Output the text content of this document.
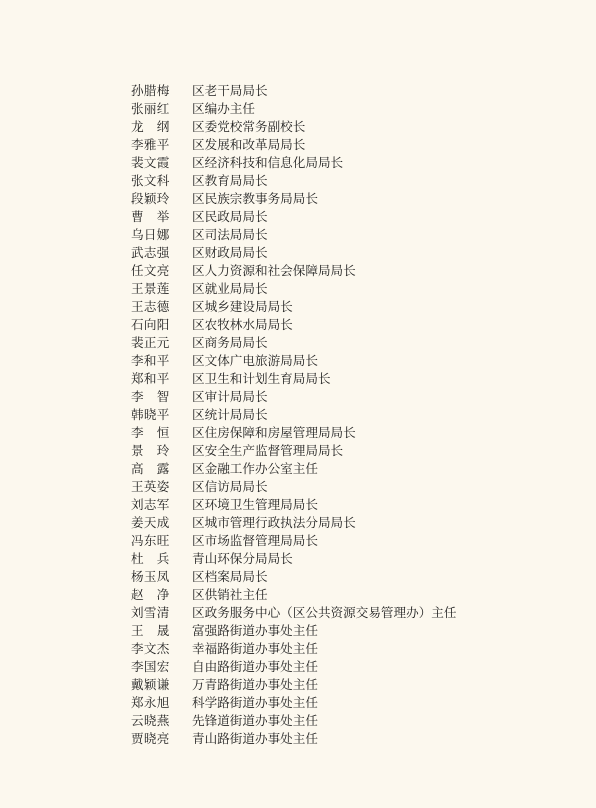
孙腊梅 区老干局局长
张丽红 区编办主任
龙　纲 区委党校常务副校长
李雅平 区发展和改革局局长
裴文霞 区经济科技和信息化局局长
张文科 区教育局局长
段颖玲 区民族宗教事务局局长
曹　举 区民政局局长
乌日娜 区司法局局长
武志强 区财政局局长
任文亮 区人力资源和社会保障局局长
王景莲 区就业局局长
王志德 区城乡建设局局长
石向阳 区农牧林水局局长
裴正元 区商务局局长
李和平 区文体广电旅游局局长
郑和平 区卫生和计划生育局局长
李　智 区审计局局长
韩晓平 区统计局局长
李　恒 区住房保障和房屋管理局局长
景　玲 区安全生产监督管理局局长
高　露 区金融工作办公室主任
王英姿 区信访局局长
刘志军 区环境卫生管理局局长
姜天成 区城市管理行政执法分局局长
冯东旺 区市场监督管理局局长
杜　兵 青山环保分局局长
杨玉凤 区档案局局长
赵　净 区供销社主任
刘雪清 区政务服务中心（区公共资源交易管理办）主任
王　晟 富强路街道办事处主任
李文杰 幸福路街道办事处主任
李国宏 自由路街道办事处主任
戴颖谦 万青路街道办事处主任
郑永旭 科学路街道办事处主任
云晓燕 先锋道街道办事处主任
贾晓亮 青山路街道办事处主任
